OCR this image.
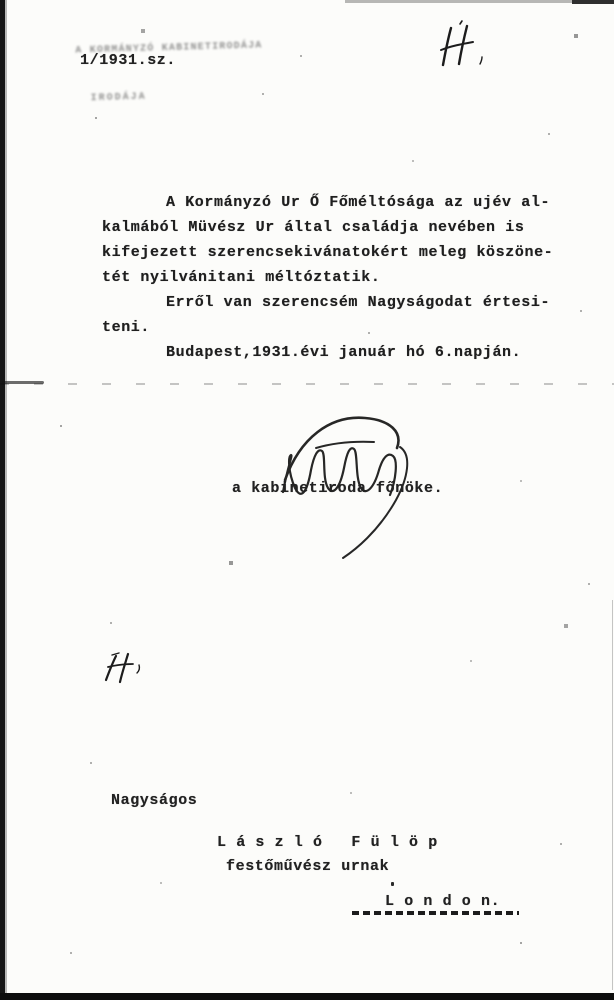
A KORMÁNYZÓ KABINETIRODÁJA

IRODÁJA

1/1931.sz.
A Kormányzó Ur Ő Főméltósága az ujév al-
kalmából Müvész Ur által családja nevében is
kifejezett szerencsekivánatokért meleg köszöne-
tét nyilvánitani méltóztatik.
Erről van szerencsém Nagyságodat értesi-
teni.
Budapest,1931.évi január hó 6.napján.
a kabinetiroda főnöke.
Nagyságos
L á s z l ó   F ü l ö p
festőművész urnak
L o n d o n.
